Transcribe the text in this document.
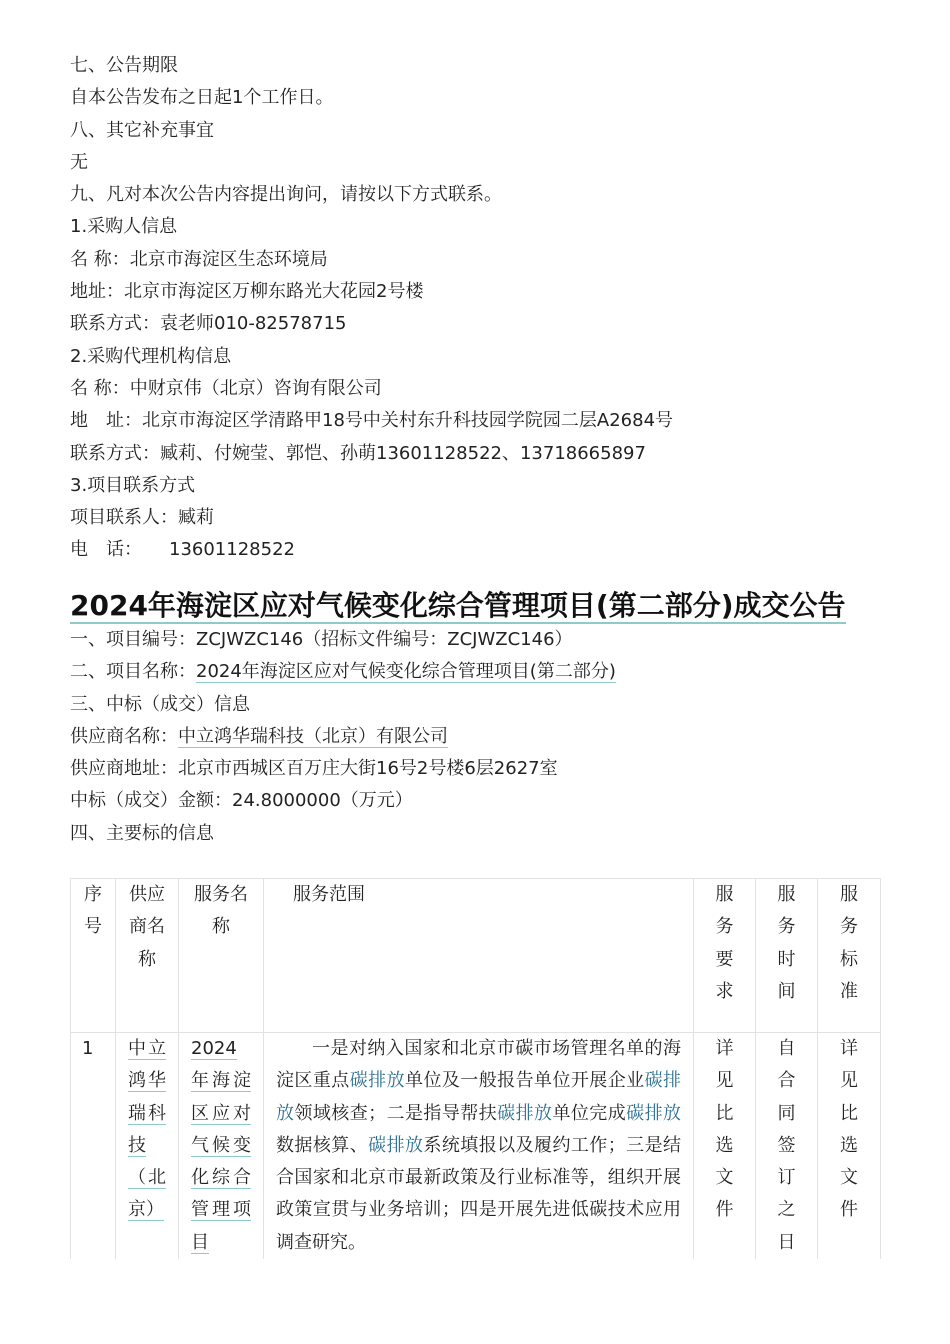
七、公告期限
自本公告发布之日起1个工作日。
八、其它补充事宜
无
九、凡对本次公告内容提出询问，请按以下方式联系。
1.采购人信息
名 称：北京市海淀区生态环境局
地址：北京市海淀区万柳东路光大花园2号楼
联系方式：袁老师010-82578715
2.采购代理机构信息
名 称：中财京伟（北京）咨询有限公司
地　址：北京市海淀区学清路甲18号中关村东升科技园学院园二层A2684号
联系方式：臧莉、付婉莹、郭恺、孙萌13601128522、13718665897
3.项目联系方式
项目联系人：臧莉
电　话：　　13601128522
2024年海淀区应对气候变化综合管理项目(第二部分)成交公告
一、项目编号：ZCJWZC146（招标文件编号：ZCJWZC146）
二、项目名称：2024年海淀区应对气候变化综合管理项目(第二部分)
三、中标（成交）信息
供应商名称：中立鸿华瑞科技（北京）有限公司
供应商地址：北京市西城区百万庄大街16号2号楼6层2627室
中标（成交）金额：24.8000000（万元）
四、主要标的信息
序号	供应商名称	服务名称	服务范围	服务要求	服务时间	服务标准

1	中立鸿华瑞科技（北京）	2024年海淀区应对气候变化综合管理项目	一是对纳入国家和北京市碳市场管理名单的海淀区重点碳排放单位及一般报告单位开展企业碳排放领域核查；二是指导帮扶碳排放单位完成碳排放数据核算、碳排放系统填报以及履约工作；三是结合国家和北京市最新政策及行业标准等，组织开展政策宣贯与业务培训；四是开展先进低碳技术应用调查研究。	详见比选文件	自合同签订之日	详见比选文件
